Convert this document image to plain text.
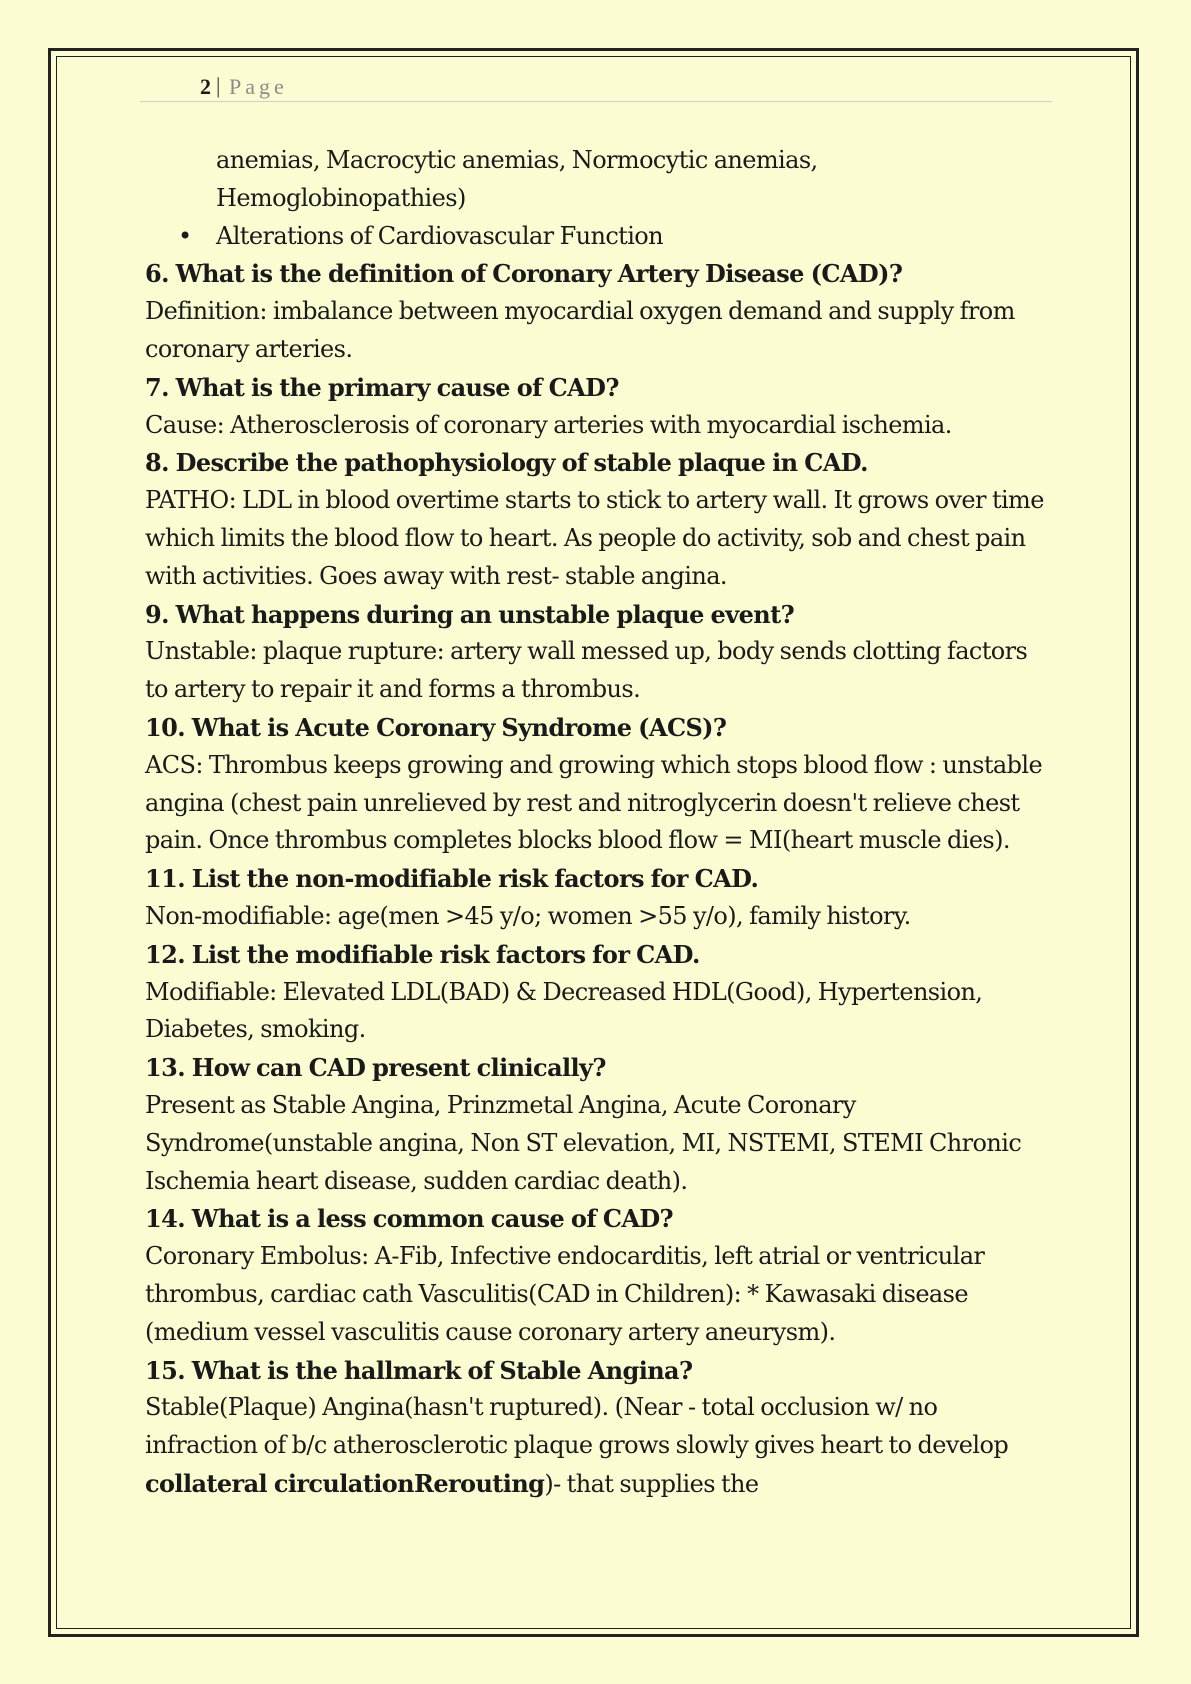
2 | Page

anemias, Macrocytic anemias, Normocytic anemias,

Hemoglobinopathies)

• Alterations of Cardiovascular Function

6. What is the definition of Coronary Artery Disease (CAD)?

Definition: imbalance between myocardial oxygen demand and supply from coronary arteries.

7. What is the primary cause of CAD?

Cause: Atherosclerosis of coronary arteries with myocardial ischemia.

8. Describe the pathophysiology of stable plaque in CAD.

PATHO: LDL in blood overtime starts to stick to artery wall. It grows over time which limits the blood flow to heart. As people do activity, sob and chest pain with activities. Goes away with rest- stable angina.

9. What happens during an unstable plaque event?

Unstable: plaque rupture: artery wall messed up, body sends clotting factors to artery to repair it and forms a thrombus.

10. What is Acute Coronary Syndrome (ACS)?

ACS: Thrombus keeps growing and growing which stops blood flow : unstable angina (chest pain unrelieved by rest and nitroglycerin doesn't relieve chest pain. Once thrombus completes blocks blood flow = MI(heart muscle dies).

11. List the non-modifiable risk factors for CAD.

Non-modifiable: age(men >45 y/o; women >55 y/o), family history.

12. List the modifiable risk factors for CAD.

Modifiable: Elevated LDL(BAD) & Decreased HDL(Good), Hypertension, Diabetes, smoking.

13. How can CAD present clinically?

Present as Stable Angina, Prinzmetal Angina, Acute Coronary Syndrome(unstable angina, Non ST elevation, MI, NSTEMI, STEMI Chronic Ischemia heart disease, sudden cardiac death).

14. What is a less common cause of CAD?

Coronary Embolus: A-Fib, Infective endocarditis, left atrial or ventricular thrombus, cardiac cath Vasculitis(CAD in Children): * Kawasaki disease (medium vessel vasculitis cause coronary artery aneurysm).

15. What is the hallmark of Stable Angina?

Stable(Plaque) Angina(hasn't ruptured). (Near - total occlusion w/ no infraction of b/c atherosclerotic plaque grows slowly gives heart to develop collateral circulationRerouting)- that supplies the
